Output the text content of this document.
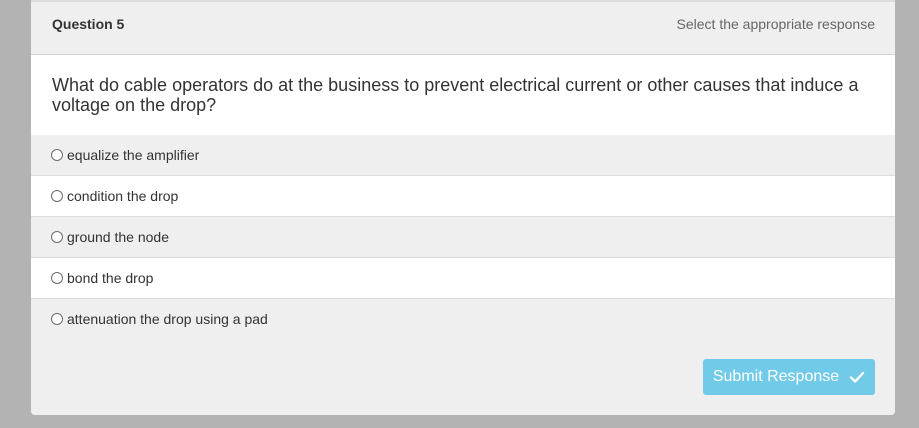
Question 5	Select the appropriate response
What do cable operators do at the business to prevent electrical current or other causes that induce a voltage on the drop?
equalize the amplifier
condition the drop
ground the node
bond the drop
attenuation the drop using a pad
Submit Response
